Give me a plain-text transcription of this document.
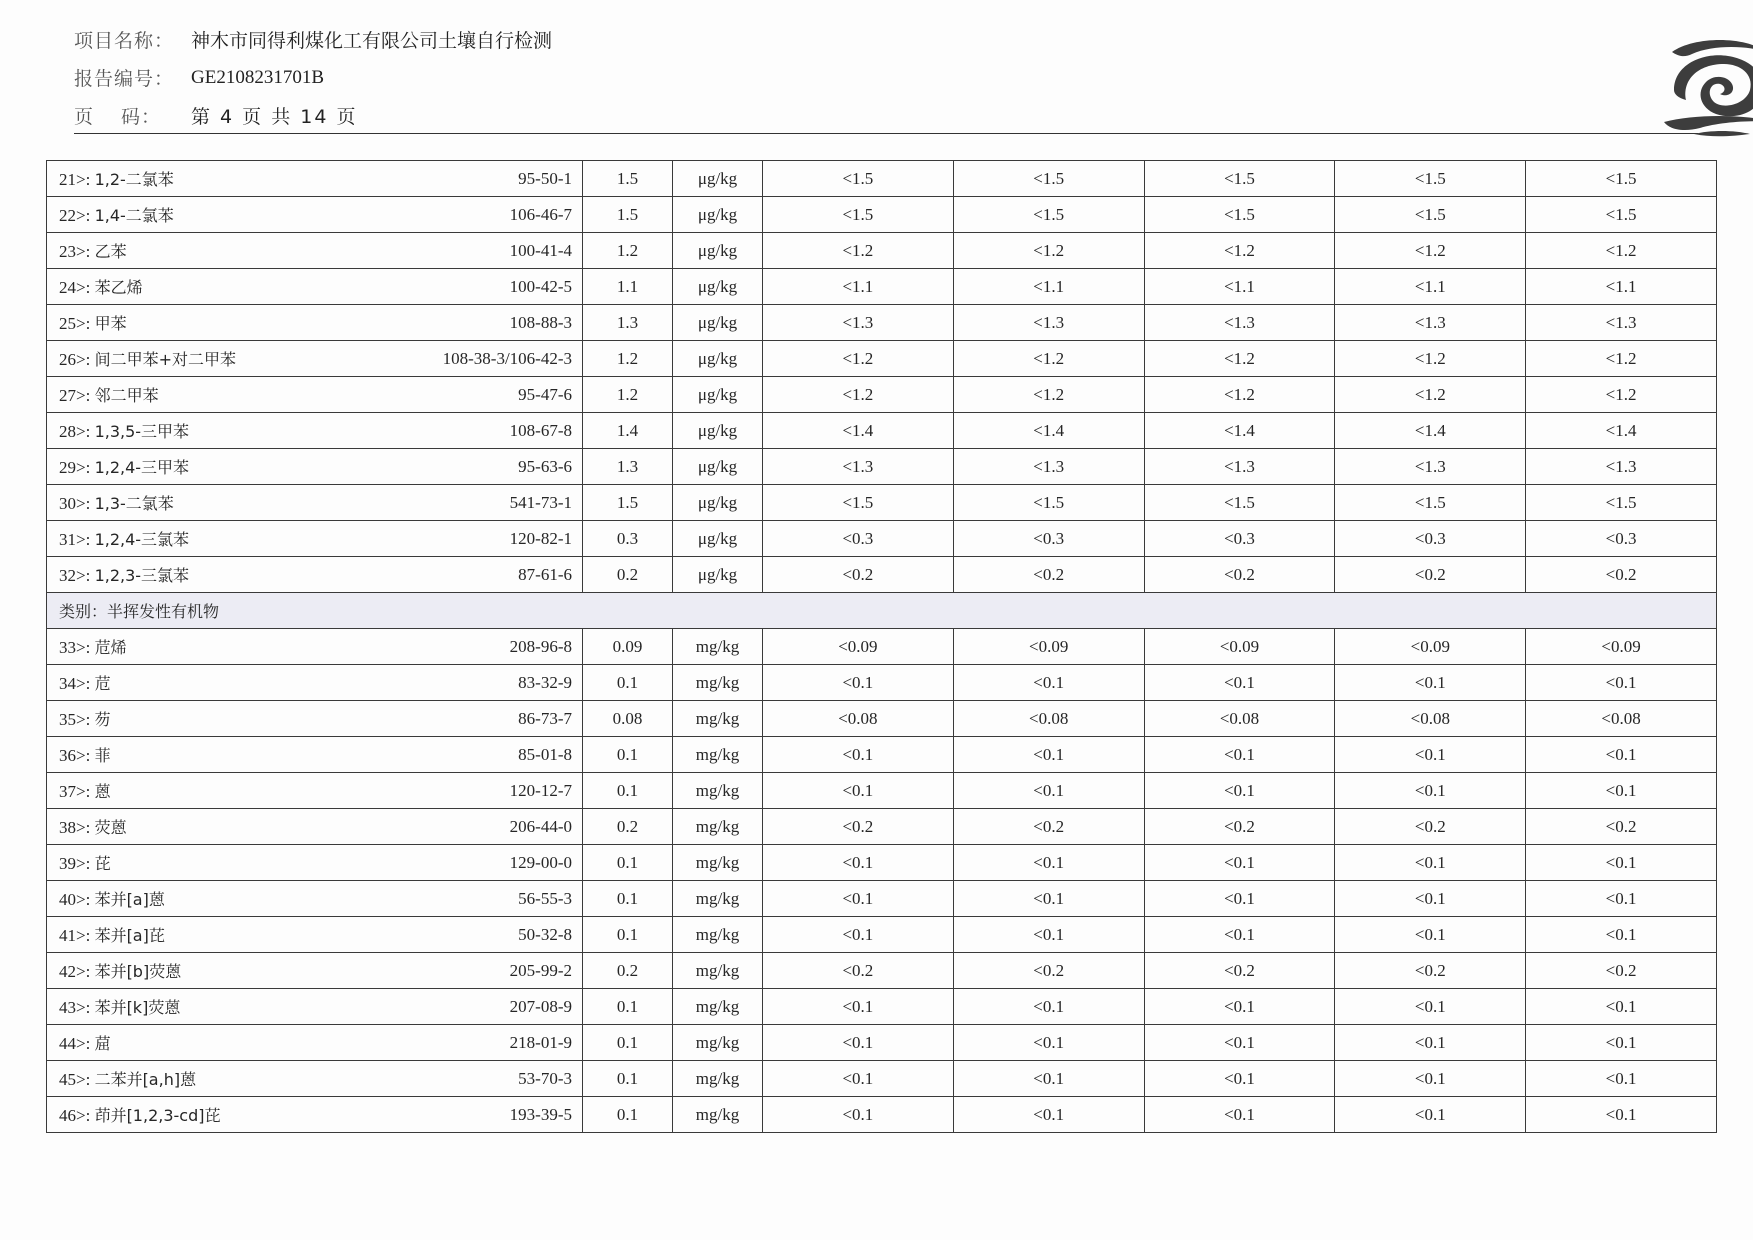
项目名称： 神木市同得利煤化工有限公司土壤自行检测
报告编号： GE2108231701B
页　 码：	第 4 页 共 14 页
21>: 1,2-二氯苯	95-50-1	1.5	μg/kg	<1.5	<1.5	<1.5	<1.5	<1.5
22>: 1,4-二氯苯	106-46-7	1.5	μg/kg	<1.5	<1.5	<1.5	<1.5	<1.5
23>: 乙苯	100-41-4	1.2	μg/kg	<1.2	<1.2	<1.2	<1.2	<1.2
24>: 苯乙烯	100-42-5	1.1	μg/kg	<1.1	<1.1	<1.1	<1.1	<1.1
25>: 甲苯	108-88-3	1.3	μg/kg	<1.3	<1.3	<1.3	<1.3	<1.3
26>: 间二甲苯+对二甲苯	108-38-3/106-42-3	1.2	μg/kg	<1.2	<1.2	<1.2	<1.2	<1.2
27>: 邻二甲苯	95-47-6	1.2	μg/kg	<1.2	<1.2	<1.2	<1.2	<1.2
28>: 1,3,5-三甲苯	108-67-8	1.4	μg/kg	<1.4	<1.4	<1.4	<1.4	<1.4
29>: 1,2,4-三甲苯	95-63-6	1.3	μg/kg	<1.3	<1.3	<1.3	<1.3	<1.3
30>: 1,3-二氯苯	541-73-1	1.5	μg/kg	<1.5	<1.5	<1.5	<1.5	<1.5
31>: 1,2,4-三氯苯	120-82-1	0.3	μg/kg	<0.3	<0.3	<0.3	<0.3	<0.3
32>: 1,2,3-三氯苯	87-61-6	0.2	μg/kg	<0.2	<0.2	<0.2	<0.2	<0.2
类别：半挥发性有机物								
33>: 苊烯	208-96-8	0.09	mg/kg	<0.09	<0.09	<0.09	<0.09	<0.09
34>: 苊	83-32-9	0.1	mg/kg	<0.1	<0.1	<0.1	<0.1	<0.1
35>: 芴	86-73-7	0.08	mg/kg	<0.08	<0.08	<0.08	<0.08	<0.08
36>: 菲	85-01-8	0.1	mg/kg	<0.1	<0.1	<0.1	<0.1	<0.1
37>: 蒽	120-12-7	0.1	mg/kg	<0.1	<0.1	<0.1	<0.1	<0.1
38>: 荧蒽	206-44-0	0.2	mg/kg	<0.2	<0.2	<0.2	<0.2	<0.2
39>: 芘	129-00-0	0.1	mg/kg	<0.1	<0.1	<0.1	<0.1	<0.1
40>: 苯并[a]蒽	56-55-3	0.1	mg/kg	<0.1	<0.1	<0.1	<0.1	<0.1
41>: 苯并[a]芘	50-32-8	0.1	mg/kg	<0.1	<0.1	<0.1	<0.1	<0.1
42>: 苯并[b]荧蒽	205-99-2	0.2	mg/kg	<0.2	<0.2	<0.2	<0.2	<0.2
43>: 苯并[k]荧蒽	207-08-9	0.1	mg/kg	<0.1	<0.1	<0.1	<0.1	<0.1
44>: 䓛	218-01-9	0.1	mg/kg	<0.1	<0.1	<0.1	<0.1	<0.1
45>: 二苯并[a,h]蒽	53-70-3	0.1	mg/kg	<0.1	<0.1	<0.1	<0.1	<0.1
46>: 茚并[1,2,3-cd]芘	193-39-5	0.1	mg/kg	<0.1	<0.1	<0.1	<0.1	<0.1
